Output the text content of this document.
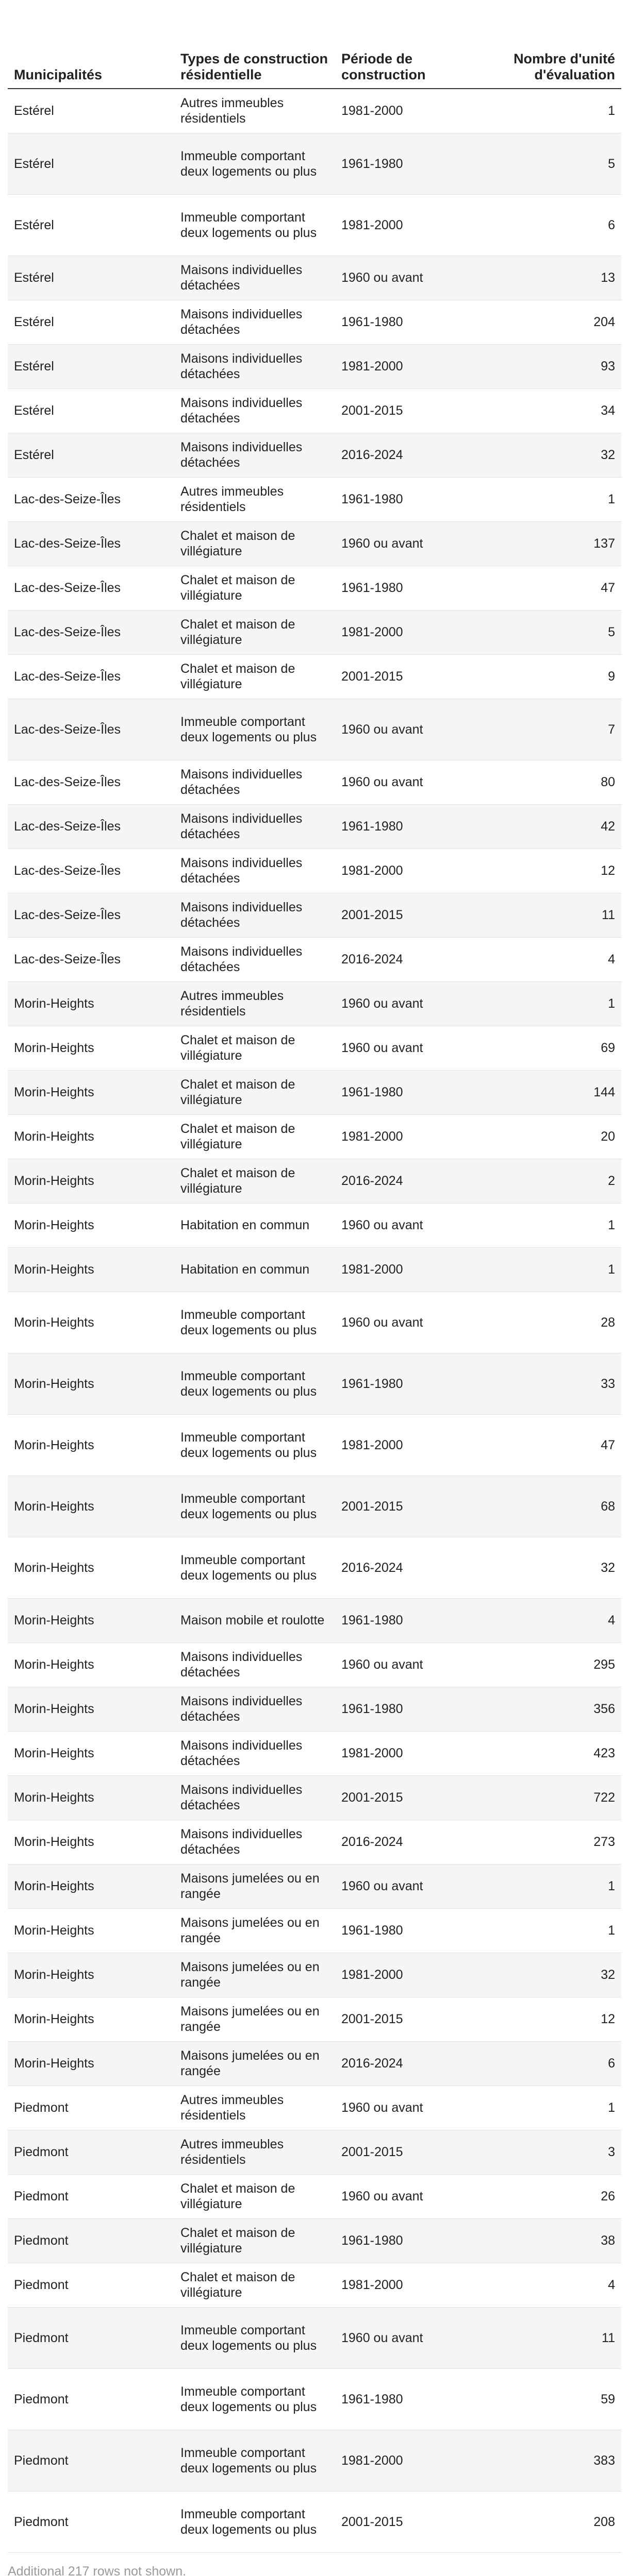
Municipalités	Types de construction résidentielle	Période de construction	Nombre d'unité d'évaluation
Estérel	Autres immeubles résidentiels	1981-2000	1
Estérel	Immeuble comportant deux logements ou plus	1961-1980	5
Estérel	Immeuble comportant deux logements ou plus	1981-2000	6
Estérel	Maisons individuelles détachées	1960 ou avant	13
Estérel	Maisons individuelles détachées	1961-1980	204
Estérel	Maisons individuelles détachées	1981-2000	93
Estérel	Maisons individuelles détachées	2001-2015	34
Estérel	Maisons individuelles détachées	2016-2024	32
Lac-des-Seize-Îles	Autres immeubles résidentiels	1961-1980	1
Lac-des-Seize-Îles	Chalet et maison de villégiature	1960 ou avant	137
Lac-des-Seize-Îles	Chalet et maison de villégiature	1961-1980	47
Lac-des-Seize-Îles	Chalet et maison de villégiature	1981-2000	5
Lac-des-Seize-Îles	Chalet et maison de villégiature	2001-2015	9
Lac-des-Seize-Îles	Immeuble comportant deux logements ou plus	1960 ou avant	7
Lac-des-Seize-Îles	Maisons individuelles détachées	1960 ou avant	80
Lac-des-Seize-Îles	Maisons individuelles détachées	1961-1980	42
Lac-des-Seize-Îles	Maisons individuelles détachées	1981-2000	12
Lac-des-Seize-Îles	Maisons individuelles détachées	2001-2015	11
Lac-des-Seize-Îles	Maisons individuelles détachées	2016-2024	4
Morin-Heights	Autres immeubles résidentiels	1960 ou avant	1
Morin-Heights	Chalet et maison de villégiature	1960 ou avant	69
Morin-Heights	Chalet et maison de villégiature	1961-1980	144
Morin-Heights	Chalet et maison de villégiature	1981-2000	20
Morin-Heights	Chalet et maison de villégiature	2016-2024	2
Morin-Heights	Habitation en commun	1960 ou avant	1
Morin-Heights	Habitation en commun	1981-2000	1
Morin-Heights	Immeuble comportant deux logements ou plus	1960 ou avant	28
Morin-Heights	Immeuble comportant deux logements ou plus	1961-1980	33
Morin-Heights	Immeuble comportant deux logements ou plus	1981-2000	47
Morin-Heights	Immeuble comportant deux logements ou plus	2001-2015	68
Morin-Heights	Immeuble comportant deux logements ou plus	2016-2024	32
Morin-Heights	Maison mobile et roulotte	1961-1980	4
Morin-Heights	Maisons individuelles détachées	1960 ou avant	295
Morin-Heights	Maisons individuelles détachées	1961-1980	356
Morin-Heights	Maisons individuelles détachées	1981-2000	423
Morin-Heights	Maisons individuelles détachées	2001-2015	722
Morin-Heights	Maisons individuelles détachées	2016-2024	273
Morin-Heights	Maisons jumelées ou en rangée	1960 ou avant	1
Morin-Heights	Maisons jumelées ou en rangée	1961-1980	1
Morin-Heights	Maisons jumelées ou en rangée	1981-2000	32
Morin-Heights	Maisons jumelées ou en rangée	2001-2015	12
Morin-Heights	Maisons jumelées ou en rangée	2016-2024	6
Piedmont	Autres immeubles résidentiels	1960 ou avant	1
Piedmont	Autres immeubles résidentiels	2001-2015	3
Piedmont	Chalet et maison de villégiature	1960 ou avant	26
Piedmont	Chalet et maison de villégiature	1961-1980	38
Piedmont	Chalet et maison de villégiature	1981-2000	4
Piedmont	Immeuble comportant deux logements ou plus	1960 ou avant	11
Piedmont	Immeuble comportant deux logements ou plus	1961-1980	59
Piedmont	Immeuble comportant deux logements ou plus	1981-2000	383
Piedmont	Immeuble comportant deux logements ou plus	2001-2015	208
Additional 217 rows not shown.
